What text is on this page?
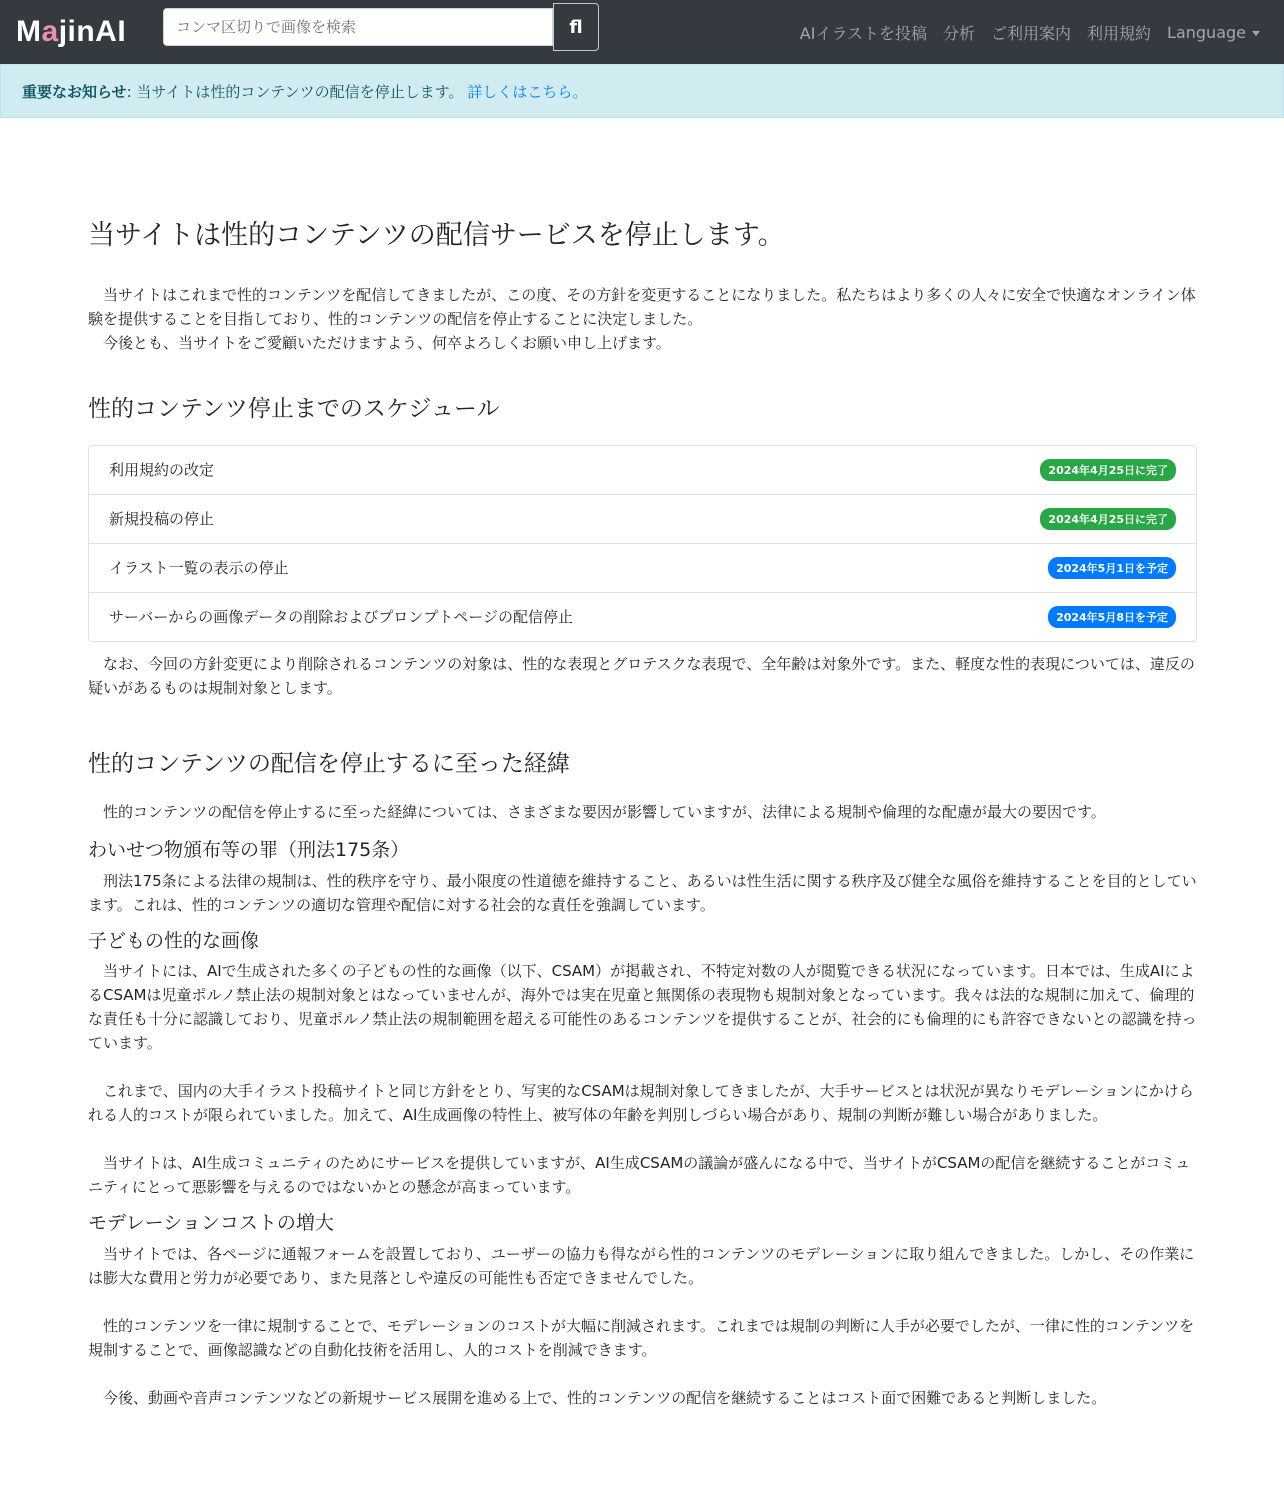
MajinAI
コンマ区切りで画像を検索	fl	AIイラストを投稿 分析 ご利用案内 利用規約 Language
重要なお知らせ : 当サイトは性的コンテンツの配信を停止します。 詳しくはこちら。
当サイトは性的コンテンツの配信サービスを停止します。

当サイトはこれまで性的コンテンツを配信してきましたが、この度、その方針を変更することになりました。私たちはより多くの人々に安全で快適なオンライン体験を提供することを目指しており、性的コンテンツの配信を停止することに決定しました。

今後とも、当サイトをご愛顧いただけますよう、何卒よろしくお願い申し上げます。

性的コンテンツ停止までのスケジュール
利用規約の改定	2024年4月25日に完了
新規投稿の停止	2024年4月25日に完了
イラスト一覧の表示の停止	2024年5月1日を予定
サーバーからの画像データの削除およびプロンプトページの配信停止	2024年5月8日を予定

なお、今回の方針変更により削除されるコンテンツの対象は、性的な表現とグロテスクな表現で、全年齢は対象外です。また、軽度な性的表現については、違反の疑いがあるものは規制対象とします。

性的コンテンツの配信を停止するに至った経緯

性的コンテンツの配信を停止するに至った経緯については、さまざまな要因が影響していますが、法律による規制や倫理的な配慮が最大の要因です。

わいせつ物頒布等の罪（刑法175条）

刑法175条による法律の規制は、性的秩序を守り、最小限度の性道徳を維持すること、あるいは性生活に関する秩序及び健全な風俗を維持することを目的としています。これは、性的コンテンツの適切な管理や配信に対する社会的な責任を強調しています。

子どもの性的な画像

当サイトには、AIで生成された多くの子どもの性的な画像（以下、CSAM）が掲載され、不特定対数の人が閲覧できる状況になっています。日本では、生成AIによるCSAMは児童ポルノ禁止法の規制対象とはなっていませんが、海外では実在児童と無関係の表現物も規制対象となっています。我々は法的な規制に加えて、倫理的な責任も十分に認識しており、児童ポルノ禁止法の規制範囲を超える可能性のあるコンテンツを提供することが、社会的にも倫理的にも許容できないとの認識を持っています。

これまで、国内の大手イラスト投稿サイトと同じ方針をとり、写実的なCSAMは規制対象してきましたが、大手サービスとは状況が異なりモデレーションにかけられる人的コストが限られていました。加えて、AI生成画像の特性上、被写体の年齢を判別しづらい場合があり、規制の判断が難しい場合がありました。

当サイトは、AI生成コミュニティのためにサービスを提供していますが、AI生成CSAMの議論が盛んになる中で、当サイトがCSAMの配信を継続することがコミュニティにとって悪影響を与えるのではないかとの懸念が高まっています。

モデレーションコストの増大

当サイトでは、各ページに通報フォームを設置しており、ユーザーの協力も得ながら性的コンテンツのモデレーションに取り組んできました。しかし、その作業には膨大な費用と労力が必要であり、また見落としや違反の可能性も否定できませんでした。

性的コンテンツを一律に規制することで、モデレーションのコストが大幅に削減されます。これまでは規制の判断に人手が必要でしたが、一律に性的コンテンツを規制することで、画像認識などの自動化技術を活用し、人的コストを削減できます。

今後、動画や音声コンテンツなどの新規サービス展開を進める上で、性的コンテンツの配信を継続することはコスト面で困難であると判断しました。
